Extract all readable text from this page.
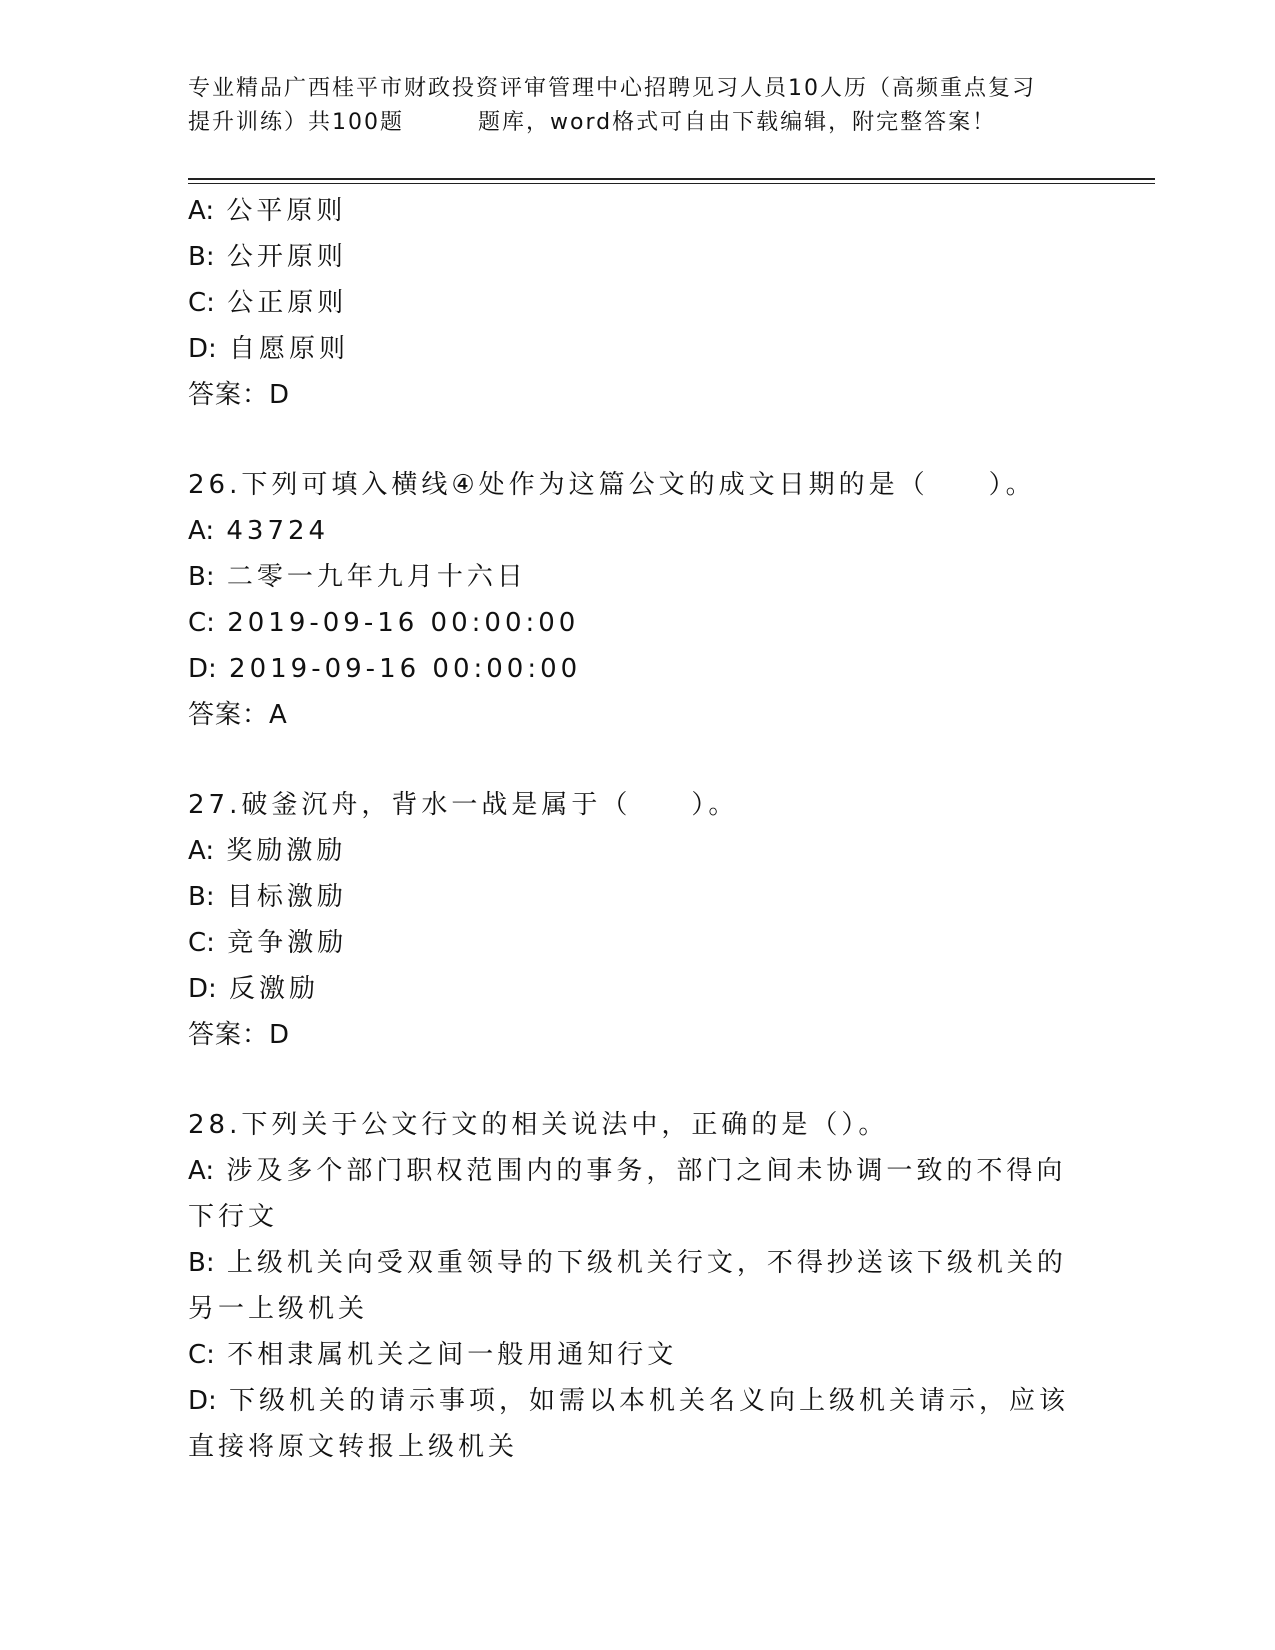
专业精品广西桂平市财政投资评审管理中心招聘见习人员10人历（高频重点复习
提升训练）共100题	题库，word格式可自由下载编辑，附完整答案！
A: 公平原则
B: 公开原则
C: 公正原则
D: 自愿原则
答案：D
26.下列可填入横线④处作为这篇公文的成文日期的是（　　）。
A: 43724
B: 二零一九年九月十六日
C: 2019-09-16 00:00:00
D: 2019-09-16 00:00:00
答案：A
27.破釜沉舟，背水一战是属于（　　）。
A: 奖励激励
B: 目标激励
C: 竞争激励
D: 反激励
答案：D
28.下列关于公文行文的相关说法中，正确的是（）。
A: 涉及多个部门职权范围内的事务，部门之间未协调一致的不得向下行文
B: 上级机关向受双重领导的下级机关行文，不得抄送该下级机关的另一上级机关
C: 不相隶属机关之间一般用通知行文
D: 下级机关的请示事项，如需以本机关名义向上级机关请示，应该直接将原文转报上级机关
